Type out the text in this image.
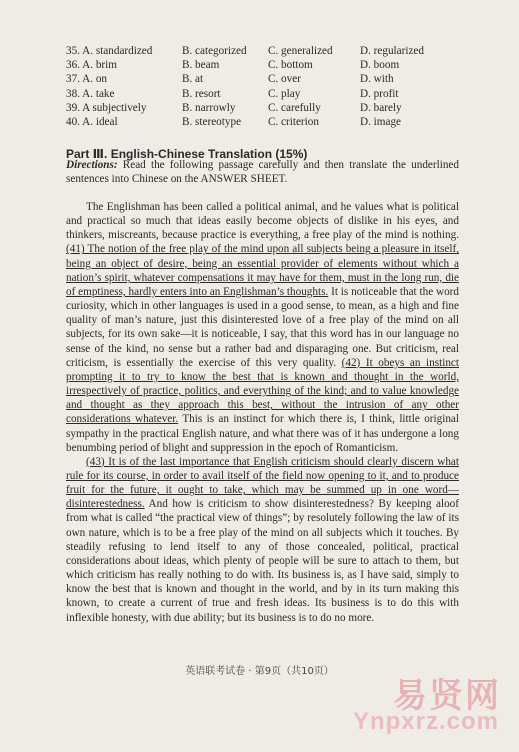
35. A. standardized	B. categorized	C. generalized	D. regularized
36. A. brim	B. beam	C. bottom	D. boom
37. A. on	B. at	C. over	D. with
38. A. take	B. resort	C. play	D. profit
39. A subjectively	B. narrowly	C. carefully	D. barely
40. A. ideal	B. stereotype	C. criterion	D. image
Part Ⅲ. English-Chinese Translation (15%)
Directions: Read the following passage carefully and then translate the underlined sentences into Chinese on the ANSWER SHEET.

The Englishman has been called a political animal, and he values what is political and practical so much that ideas easily become objects of dislike in his eyes, and thinkers, miscreants, because practice is everything, a free play of the mind is nothing. (41) The notion of the free play of the mind upon all subjects being a pleasure in itself, being an object of desire, being an essential provider of elements without which a nation’s spirit, whatever compensations it may have for them, must in the long run, die of emptiness, hardly enters into an Englishman’s thoughts. It is noticeable that the word curiosity, which in other languages is used in a good sense, to mean, as a high and fine quality of man’s nature, just this disinterested love of a free play of the mind on all subjects, for its own sake—it is noticeable, I say, that this word has in our language no sense of the kind, no sense but a rather bad and disparaging one. But criticism, real criticism, is essentially the exercise of this very quality. (42) It obeys an instinct prompting it to try to know the best that is known and thought in the world, irrespectively of practice, politics, and everything of the kind; and to value knowledge and thought as they approach this best, without the intrusion of any other considerations whatever. This is an instinct for which there is, I think, little original sympathy in the practical English nature, and what there was of it has undergone a long benumbing period of blight and suppression in the epoch of Romanticism.

(43) It is of the last importance that English criticism should clearly discern what rule for its course, in order to avail itself of the field now opening to it, and to produce fruit for the future, it ought to take, which may be summed up in one word—disinterestedness. And how is criticism to show disinterestedness? By keeping aloof from what is called “the practical view of things”; by resolutely following the law of its own nature, which is to be a free play of the mind on all subjects which it touches. By steadily refusing to lend itself to any of those concealed, political, practical considerations about ideas, which plenty of people will be sure to attach to them, but which criticism has really nothing to do with. Its business is, as I have said, simply to know the best that is known and thought in the world, and by in its turn making this known, to create a current of true and fresh ideas. Its business is to do this with inflexible honesty, with due ability; but its business is to do no more.

英语联考试卷 · 第9页（共10页）
易贤网
Ynpxrz.com
